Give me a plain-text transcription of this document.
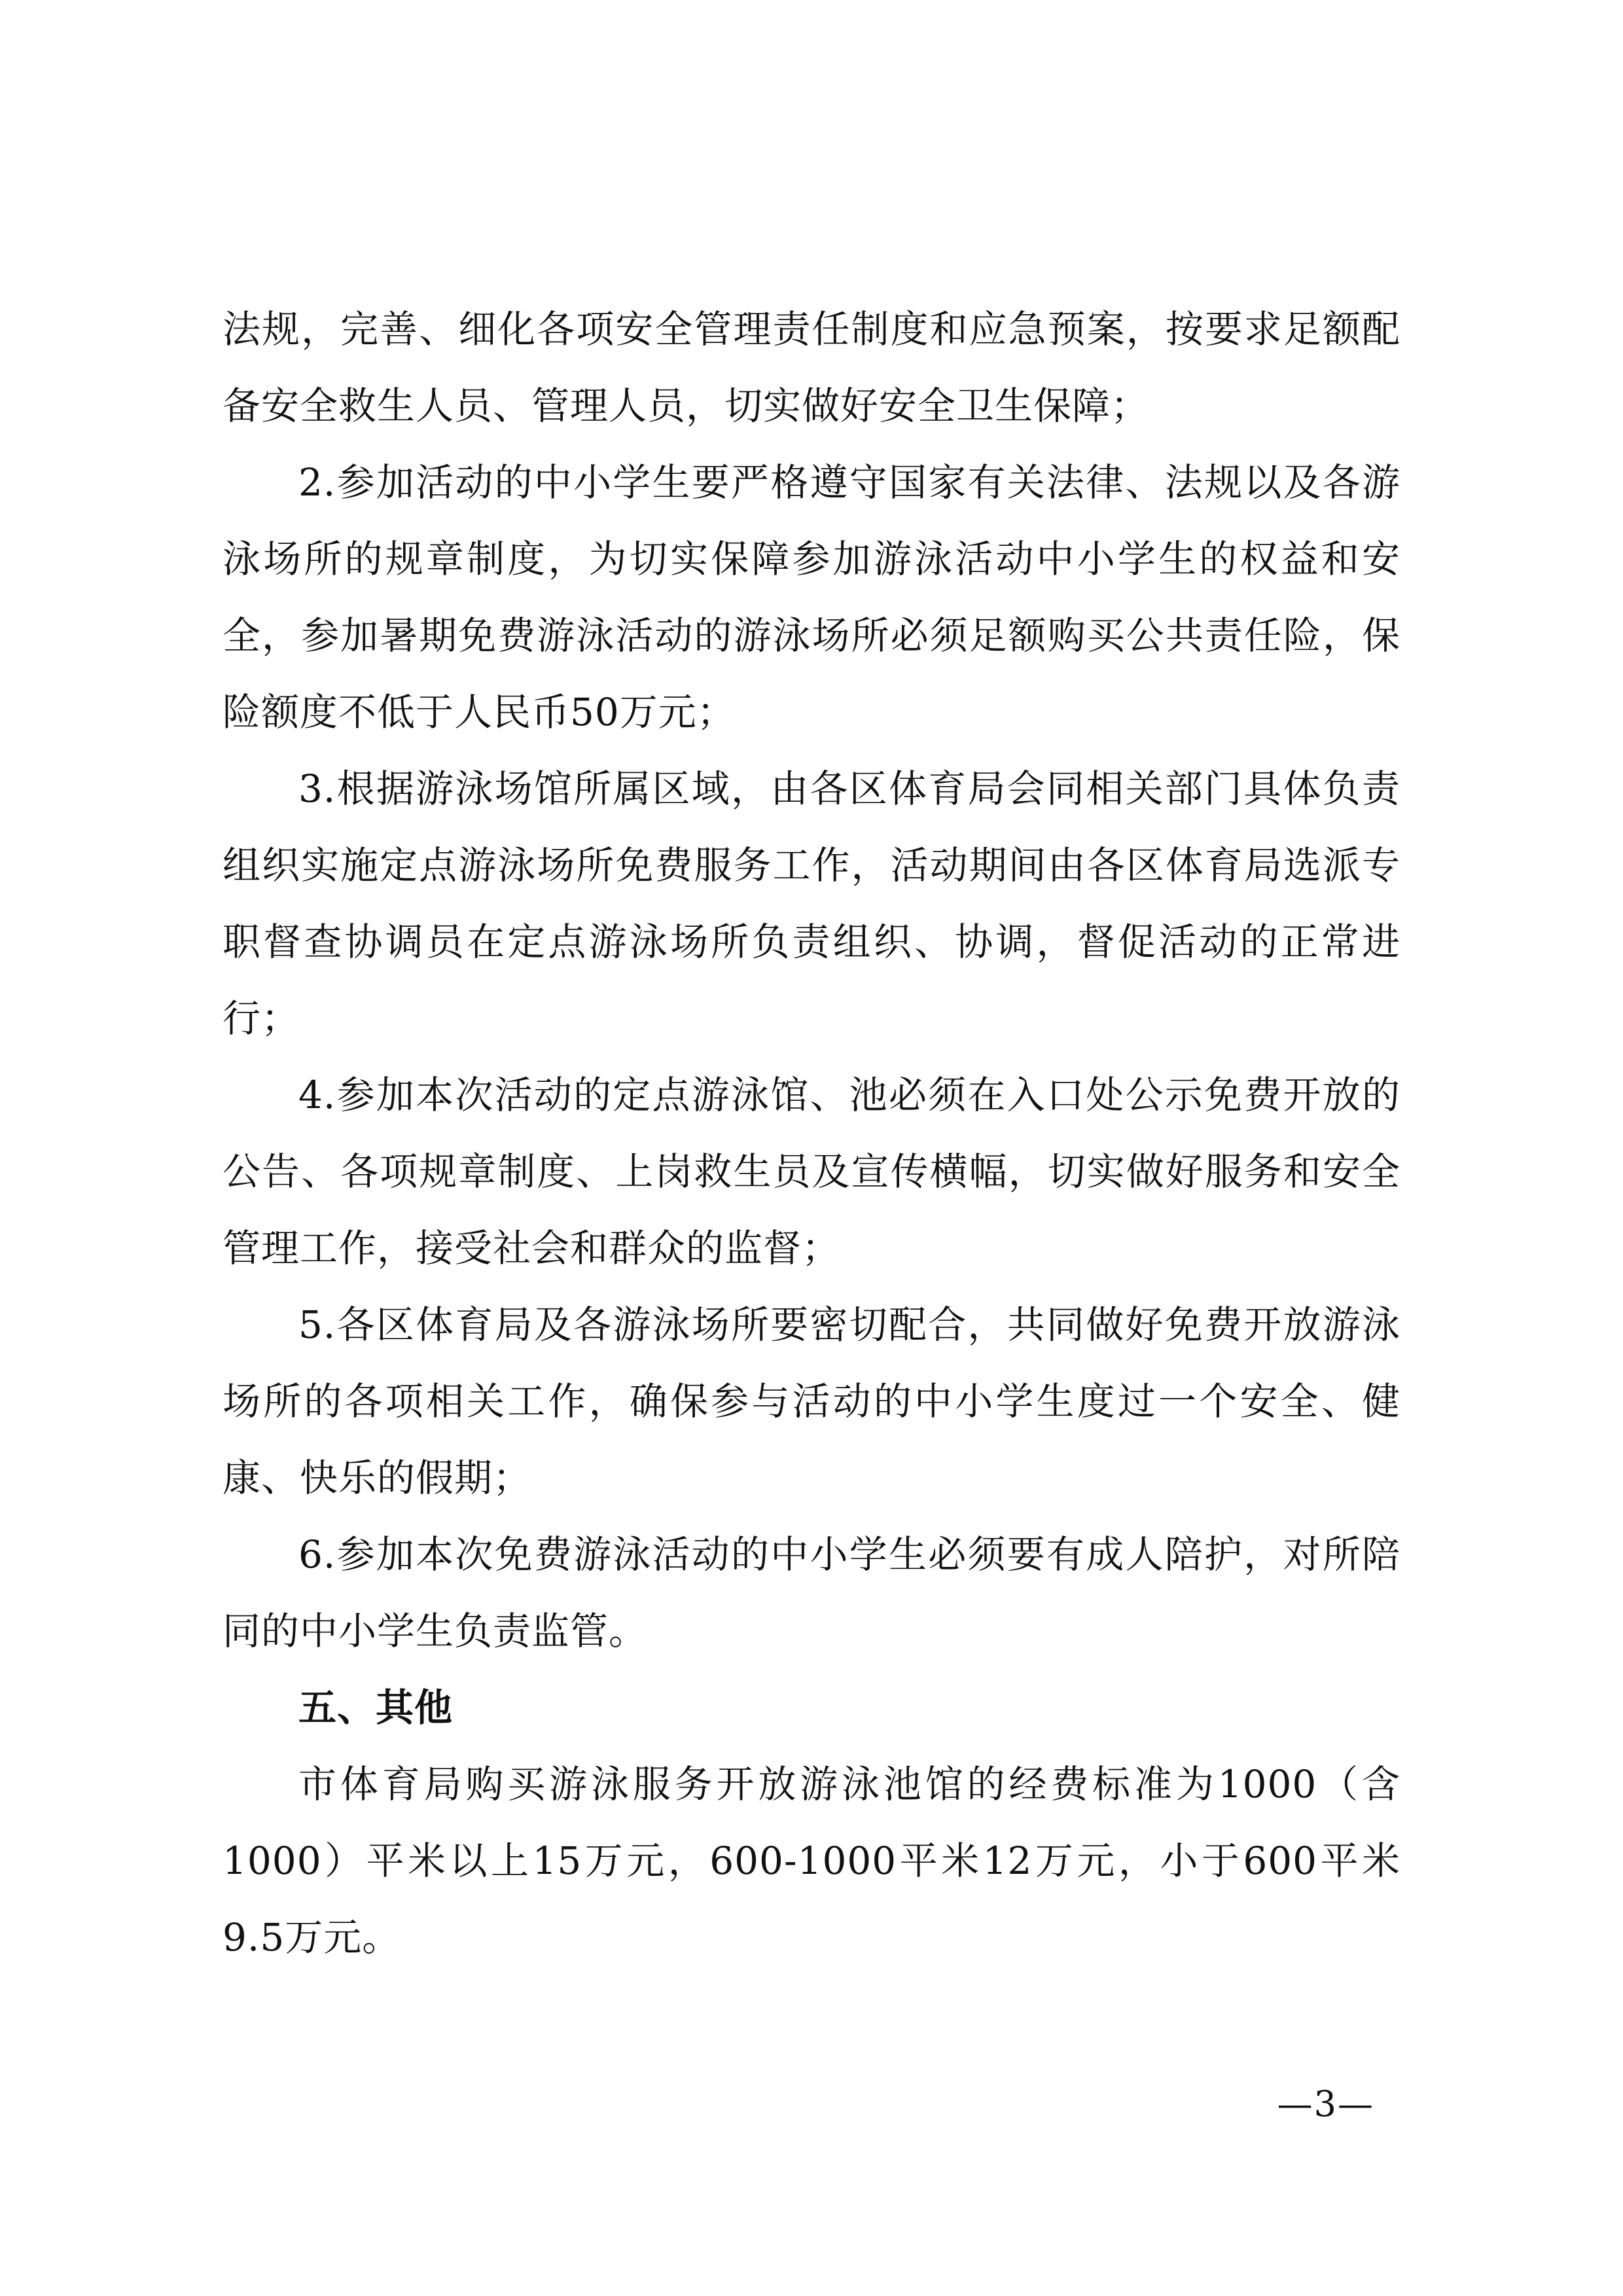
法规，完善、细化各项安全管理责任制度和应急预案，按要求足额配备安全救生人员、管理人员，切实做好安全卫生保障；

2.参加活动的中小学生要严格遵守国家有关法律、法规以及各游泳场所的规章制度，为切实保障参加游泳活动中小学生的权益和安全，参加暑期免费游泳活动的游泳场所必须足额购买公共责任险，保险额度不低于人民币50万元；

3.根据游泳场馆所属区域，由各区体育局会同相关部门具体负责组织实施定点游泳场所免费服务工作，活动期间由各区体育局选派专职督查协调员在定点游泳场所负责组织、协调，督促活动的正常进行；

4.参加本次活动的定点游泳馆、池必须在入口处公示免费开放的公告、各项规章制度、上岗救生员及宣传横幅，切实做好服务和安全管理工作，接受社会和群众的监督；

5.各区体育局及各游泳场所要密切配合，共同做好免费开放游泳场所的各项相关工作，确保参与活动的中小学生度过一个安全、健康、快乐的假期；

6.参加本次免费游泳活动的中小学生必须要有成人陪护，对所陪同的中小学生负责监管。

五、其他

市体育局购买游泳服务开放游泳池馆的经费标准为1000（含1000）平米以上15万元，600-1000平米12万元，小于600平米9.5万元。

—3—
